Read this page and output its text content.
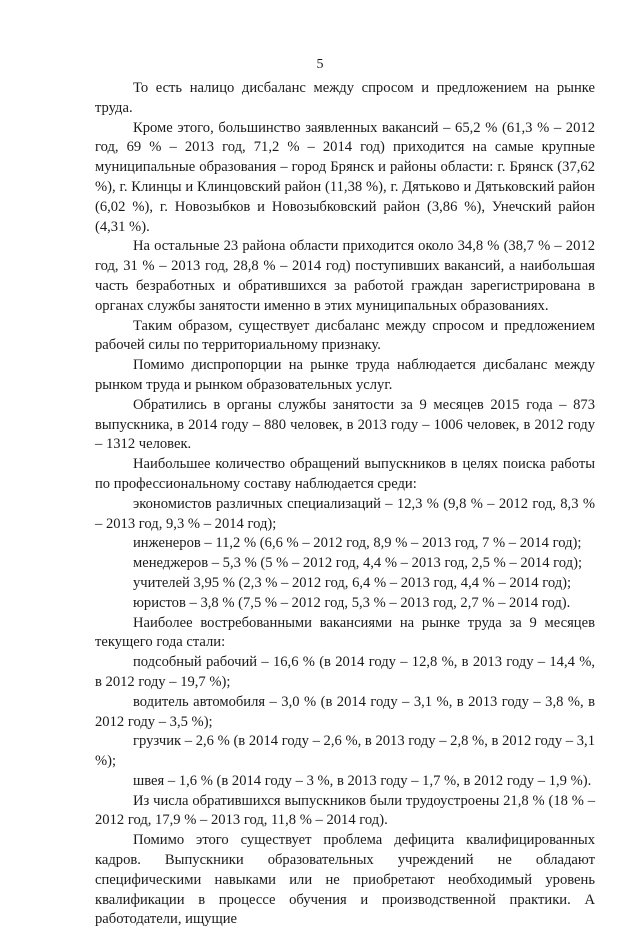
5

То есть налицо дисбаланс между спросом и предложением на рынке труда.

Кроме этого, большинство заявленных вакансий – 65,2 % (61,3 % – 2012 год, 69 % – 2013 год, 71,2 % – 2014 год) приходится на самые крупные муниципальные образования – город Брянск и районы области: г. Брянск (37,62 %), г. Клинцы и Клинцовский район (11,38 %), г. Дятьково и Дятьковский район (6,02 %), г. Новозыбков и Новозыбковский район (3,86 %), Унечский район (4,31 %).

На остальные 23 района области приходится около 34,8 % (38,7 % – 2012 год, 31 % – 2013 год, 28,8 % – 2014 год) поступивших вакансий, а наибольшая часть безработных и обратившихся за работой граждан зарегистрирована в органах службы занятости именно в этих муниципальных образованиях.

Таким образом, существует дисбаланс между спросом и предложением рабочей силы по территориальному признаку.

Помимо диспропорции на рынке труда наблюдается дисбаланс между рынком труда и рынком образовательных услуг.

Обратились в органы службы занятости за 9 месяцев 2015 года – 873 выпускника, в 2014 году – 880 человек, в 2013 году – 1006 человек, в 2012 году – 1312 человек.

Наибольшее количество обращений выпускников в целях поиска работы по профессиональному составу наблюдается среди:

экономистов различных специализаций – 12,3 % (9,8 % – 2012 год, 8,3 % – 2013 год, 9,3 % – 2014 год);

инженеров – 11,2 % (6,6 % – 2012 год, 8,9 % – 2013 год, 7 % – 2014 год);

менеджеров – 5,3 % (5 % – 2012 год, 4,4 % – 2013 год, 2,5 % – 2014 год);

учителей 3,95 % (2,3 % – 2012 год, 6,4 % – 2013 год, 4,4 % – 2014 год);

юристов – 3,8 % (7,5 % – 2012 год, 5,3 % – 2013 год, 2,7 % – 2014 год).

Наиболее востребованными вакансиями на рынке труда за 9 месяцев текущего года стали:

подсобный рабочий – 16,6 % (в 2014 году – 12,8 %, в 2013 году – 14,4 %, в 2012 году – 19,7 %);

водитель автомобиля – 3,0 % (в 2014 году – 3,1 %, в 2013 году – 3,8 %, в 2012 году – 3,5 %);

грузчик – 2,6 % (в 2014 году – 2,6 %, в 2013 году – 2,8 %, в 2012 году – 3,1 %);

швея – 1,6 % (в 2014 году – 3 %, в 2013 году – 1,7 %, в 2012 году – 1,9 %).

Из числа обратившихся выпускников были трудоустроены 21,8 % (18 % – 2012 год, 17,9 % – 2013 год, 11,8 % – 2014 год).

Помимо этого существует проблема дефицита квалифицированных кадров. Выпускники образовательных учреждений не обладают специфическими навыками или не приобретают необходимый уровень квалификации в процессе обучения и производственной практики. А работодатели, ищущие
